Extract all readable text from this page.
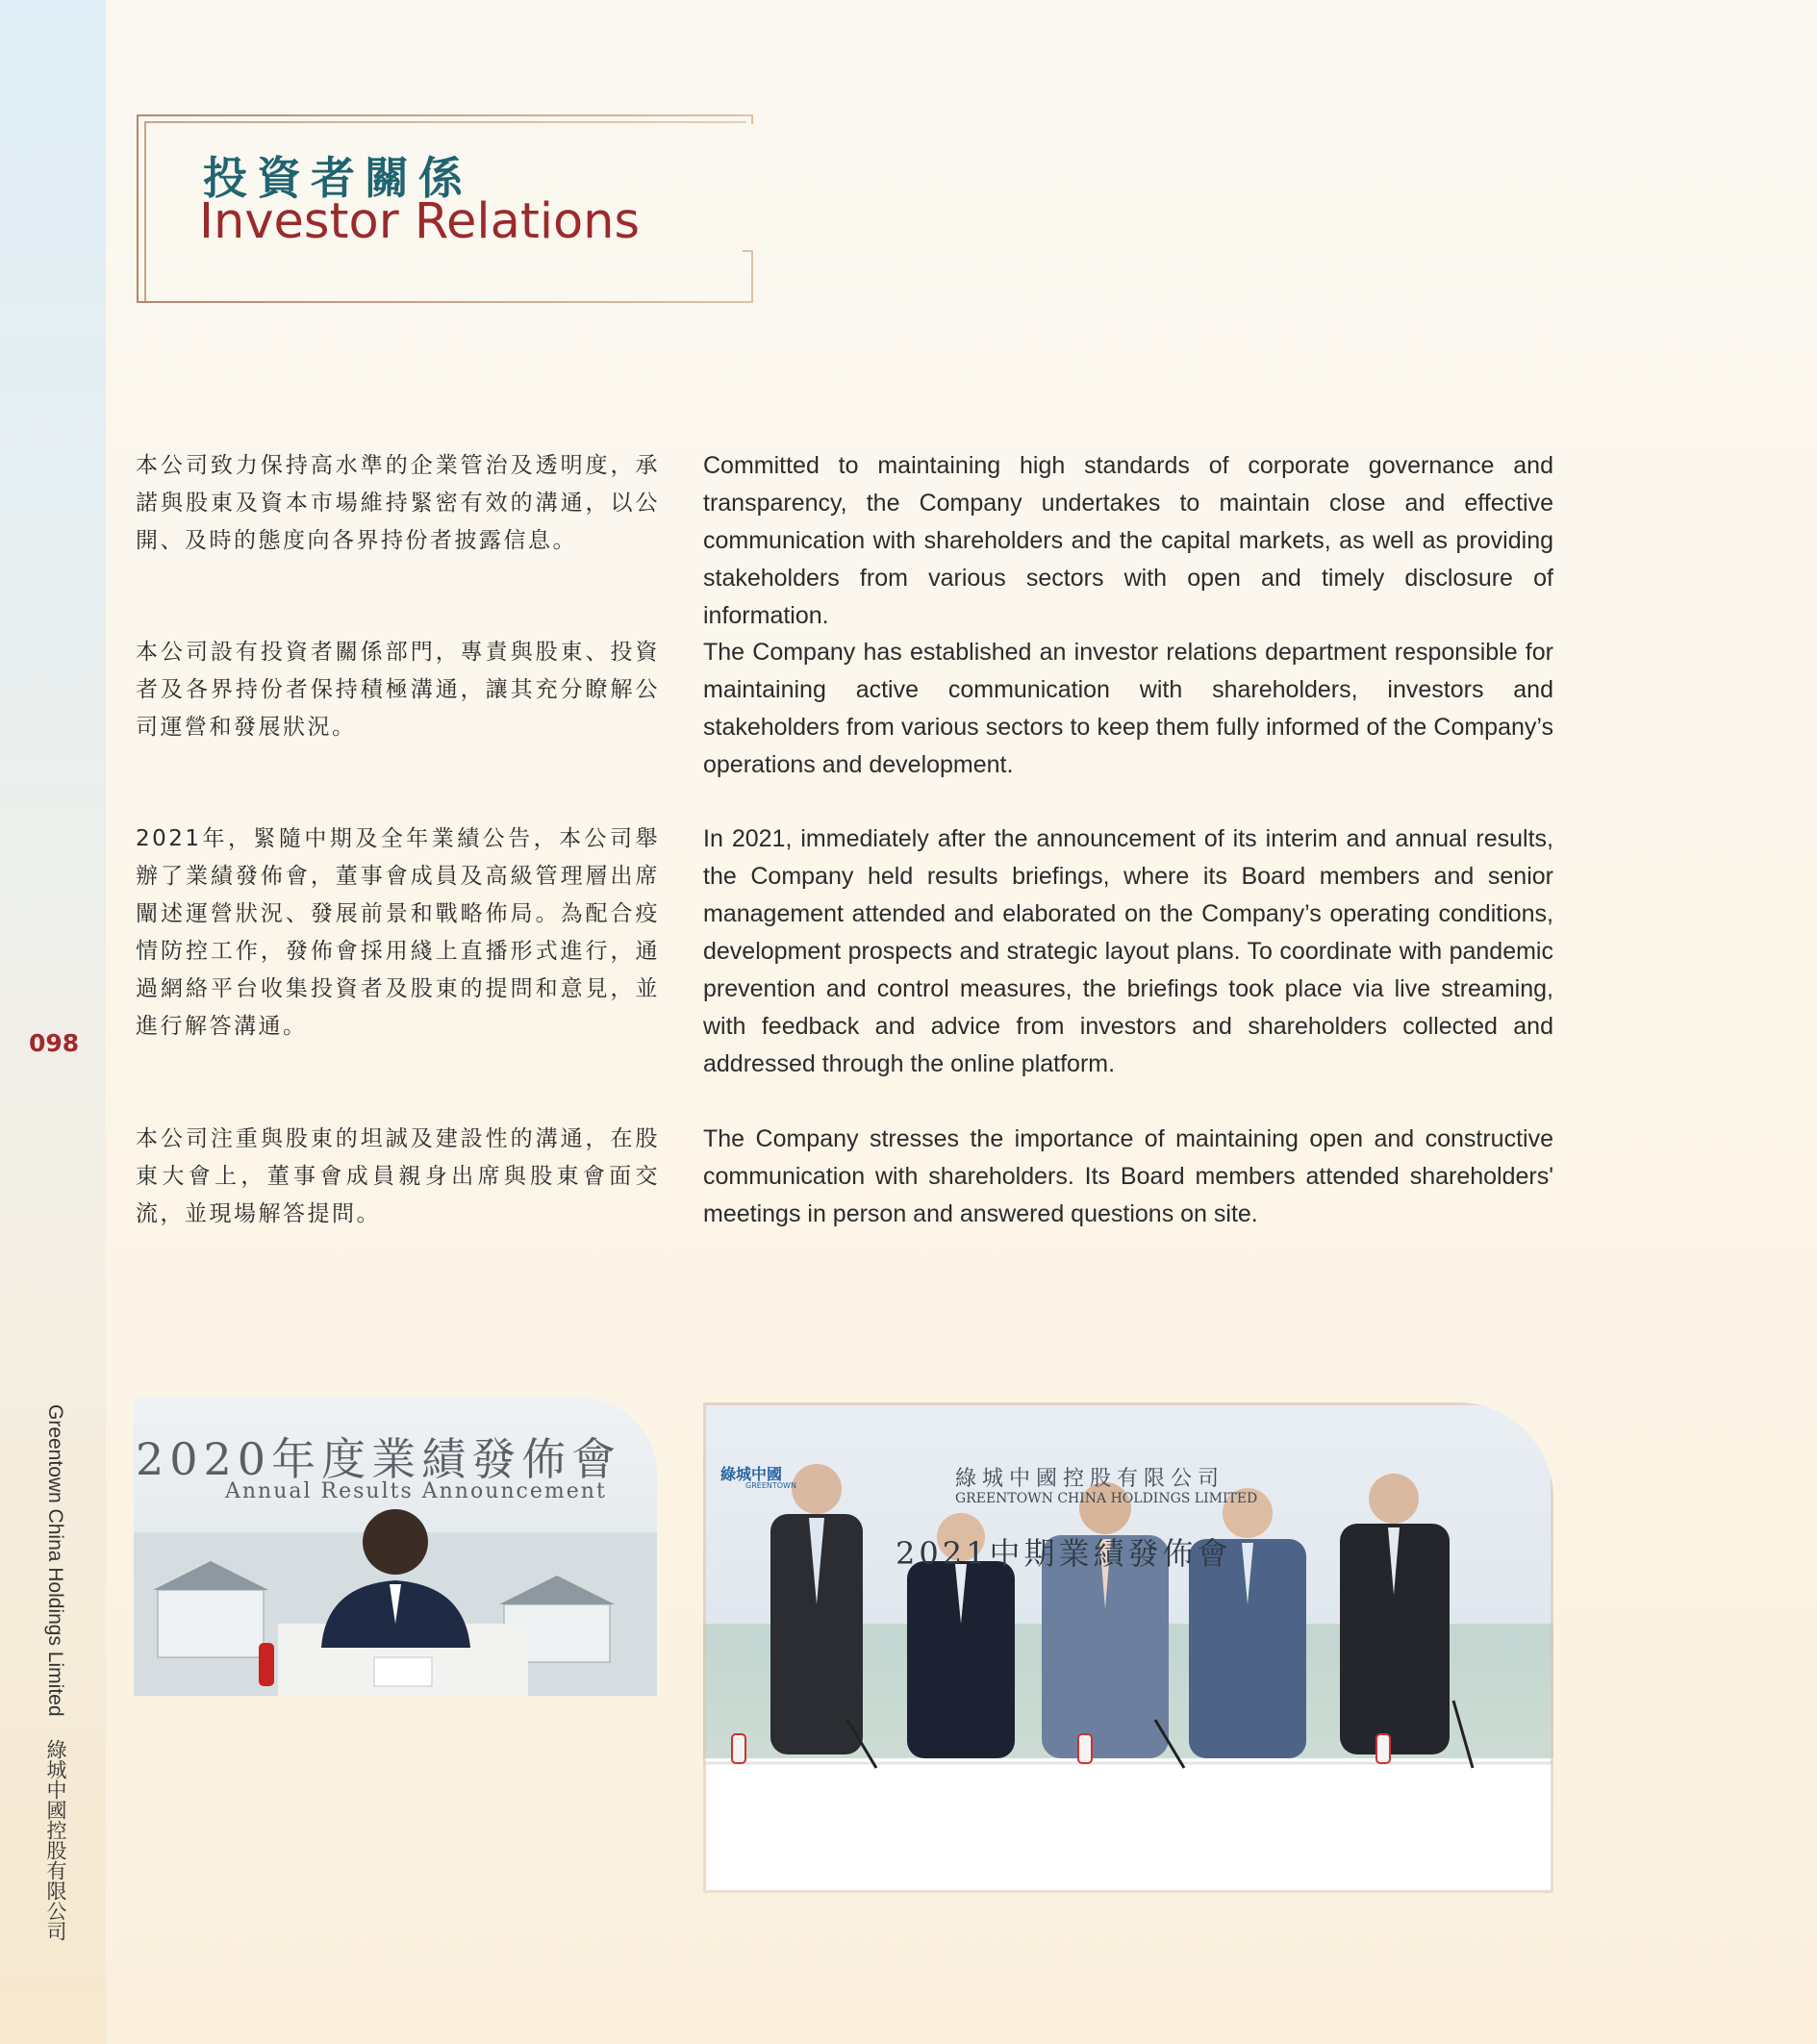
098
Greentown China Holdings Limited 綠城中國控股有限公司
投資者關係
Investor Relations
本公司致力保持高水準的企業管治及透明度，承諾與股東及資本市場維持緊密有效的溝通，以公開、及時的態度向各界持份者披露信息。
Committed to maintaining high standards of corporate governance and transparency, the Company undertakes to maintain close and effective communication with shareholders and the capital markets, as well as providing stakeholders from various sectors with open and timely disclosure of information.
本公司設有投資者關係部門，專責與股東、投資者及各界持份者保持積極溝通，讓其充分瞭解公司運營和發展狀況。
The Company has established an investor relations department responsible for maintaining active communication with shareholders, investors and stakeholders from various sectors to keep them fully informed of the Company’s operations and development.
2021年，緊隨中期及全年業績公告，本公司舉辦了業績發佈會，董事會成員及高級管理層出席闡述運營狀況、發展前景和戰略佈局。為配合疫情防控工作，發佈會採用綫上直播形式進行，通過網絡平台收集投資者及股東的提問和意見，並進行解答溝通。
In 2021, immediately after the announcement of its interim and annual results, the Company held results briefings, where its Board members and senior management attended and elaborated on the Company’s operating conditions, development prospects and strategic layout plans. To coordinate with pandemic prevention and control measures, the briefings took place via live streaming, with feedback and advice from investors and shareholders collected and addressed through the online platform.
本公司注重與股東的坦誠及建設性的溝通，在股東大會上，董事會成員親身出席與股東會面交流，並現場解答提問。
The Company stresses the importance of maintaining open and constructive communication with shareholders. Its Board members attended shareholders' meetings in person and answered questions on site.
2020年度業績發佈會
Annual Results Announcement
綠城中國
GREENTOWN	綠城中國控股有限公司
GREENTOWN CHINA HOLDINGS LIMITED
2021中期業績發佈會
